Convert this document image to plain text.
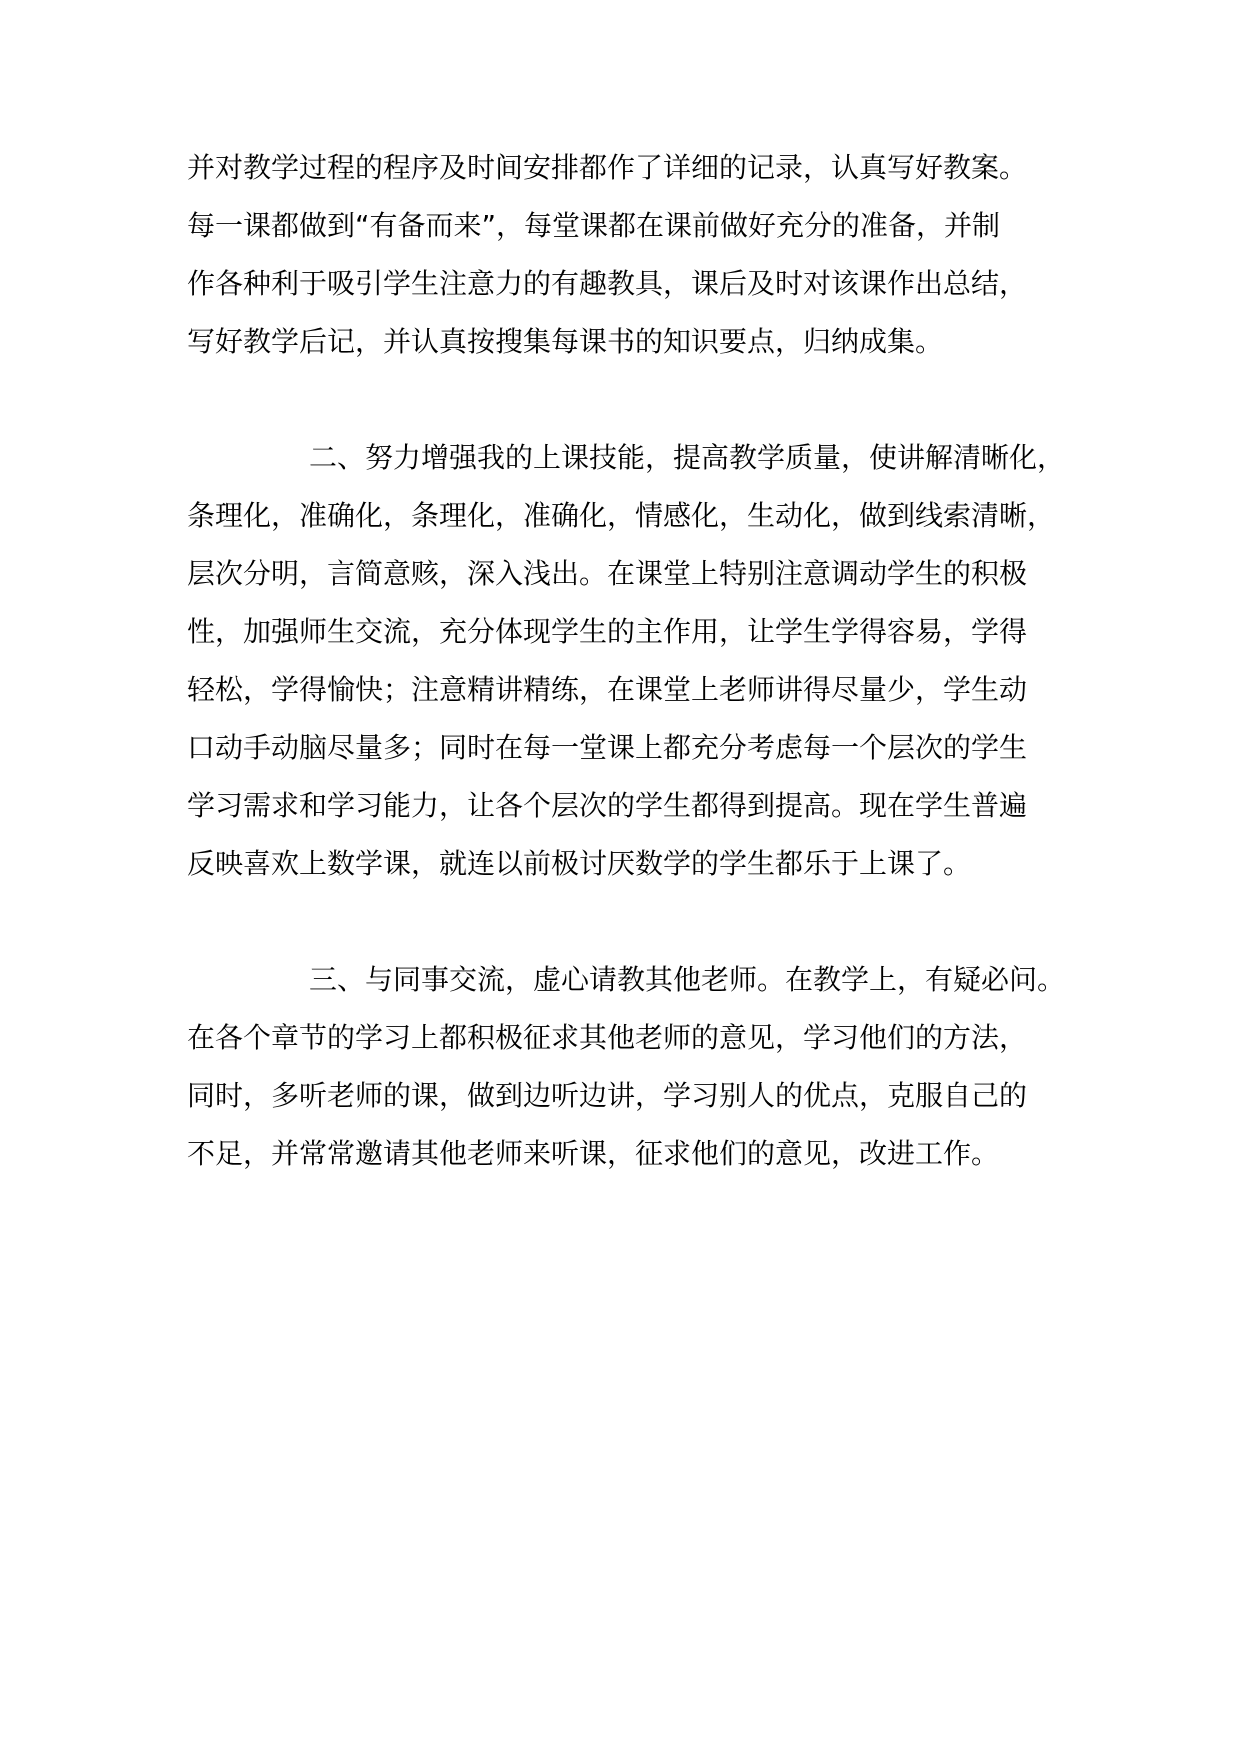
并对教学过程的程序及时间安排都作了详细的记录，认真写好教案。
每一课都做到“有备而来”，每堂课都在课前做好充分的准备，并制
作各种利于吸引学生注意力的有趣教具，课后及时对该课作出总结，
写好教学后记，并认真按搜集每课书的知识要点，归纳成集。
二、努力增强我的上课技能，提高教学质量，使讲解清晰化，
条理化，准确化，条理化，准确化，情感化，生动化，做到线索清晰，
层次分明，言简意赅，深入浅出。在课堂上特别注意调动学生的积极
性，加强师生交流，充分体现学生的主作用，让学生学得容易，学得
轻松，学得愉快；注意精讲精练，在课堂上老师讲得尽量少，学生动
口动手动脑尽量多；同时在每一堂课上都充分考虑每一个层次的学生
学习需求和学习能力，让各个层次的学生都得到提高。现在学生普遍
反映喜欢上数学课，就连以前极讨厌数学的学生都乐于上课了。
三、与同事交流，虚心请教其他老师。在教学上，有疑必问。
在各个章节的学习上都积极征求其他老师的意见，学习他们的方法，
同时，多听老师的课，做到边听边讲，学习别人的优点，克服自己的
不足，并常常邀请其他老师来听课，征求他们的意见，改进工作。
